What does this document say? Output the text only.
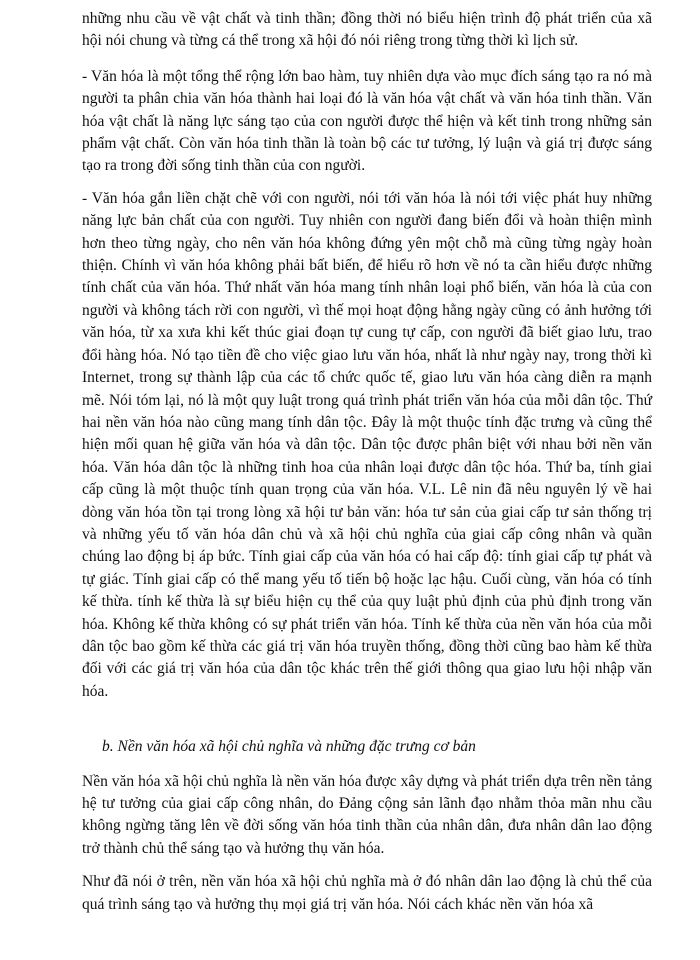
những nhu cầu về vật chất và tinh thần; đồng thời nó biểu hiện trình độ phát triển của xã hội nói chung và từng cá thể trong xã hội đó nói riêng trong từng thời kì lịch sử.

- Văn hóa là một tổng thể rộng lớn bao hàm, tuy nhiên dựa vào mục đích sáng tạo ra nó mà người ta phân chia văn hóa thành hai loại đó là văn hóa vật chất và văn hóa tinh thần. Văn hóa vật chất là năng lực sáng tạo của con người được thể hiện và kết tinh trong những sản phẩm vật chất. Còn văn hóa tinh thần là toàn bộ các tư tưởng, lý luận và giá trị được sáng tạo ra trong đời sống tinh thần của con người.

- Văn hóa gắn liền chặt chẽ với con người, nói tới văn hóa là nói tới việc phát huy những năng lực bản chất của con người. Tuy nhiên con người đang biến đổi và hoàn thiện mình hơn theo từng ngày, cho nên văn hóa không đứng yên một chỗ mà cũng từng ngày hoàn thiện. Chính vì văn hóa không phải bất biến, để hiểu rõ hơn về nó ta cần hiểu được những tính chất của văn hóa. Thứ nhất văn hóa mang tính nhân loại phổ biến, văn hóa là của con người và không tách rời con người, vì thế mọi hoạt động hằng ngày cũng có ảnh hưởng tới văn hóa, từ xa xưa khi kết thúc giai đoạn tự cung tự cấp, con người đã biết giao lưu, trao đổi hàng hóa. Nó tạo tiền đề cho việc giao lưu văn hóa, nhất là như ngày nay, trong thời kì Internet, trong sự thành lập của các tổ chức quốc tế, giao lưu văn hóa càng diễn ra mạnh mẽ. Nói tóm lại, nó là một quy luật trong quá trình phát triển văn hóa của mỗi dân tộc. Thứ hai nền văn hóa nào cũng mang tính dân tộc. Đây là một thuộc tính đặc trưng và cũng thể hiện mối quan hệ giữa văn hóa và dân tộc. Dân tộc được phân biệt với nhau bởi nền văn hóa. Văn hóa dân tộc là những tinh hoa của nhân loại được dân tộc hóa. Thứ ba, tính giai cấp cũng là một thuộc tính quan trọng của văn hóa. V.L. Lê nin đã nêu nguyên lý về hai dòng văn hóa tồn tại trong lòng xã hội tư bản văn: hóa tư sản của giai cấp tư sản thống trị và những yếu tố văn hóa dân chủ và xã hội chủ nghĩa của giai cấp công nhân và quần chúng lao động bị áp bức. Tính giai cấp của văn hóa có hai cấp độ: tính giai cấp tự phát và tự giác. Tính giai cấp có thể mang yếu tố tiến bộ hoặc lạc hậu. Cuối cùng, văn hóa có tính kế thừa. tính kế thừa là sự biểu hiện cụ thể của quy luật phủ định của phủ định trong văn hóa. Không kế thừa không có sự phát triển văn hóa. Tính kế thừa của nền văn hóa của mỗi dân tộc bao gồm kế thừa các giá trị văn hóa truyền thống, đồng thời cũng bao hàm kế thừa đối với các giá trị văn hóa của dân tộc khác trên thế giới thông qua giao lưu hội nhập văn hóa.

b. Nền văn hóa xã hội chủ nghĩa và những đặc trưng cơ bản

Nền văn hóa xã hội chủ nghĩa là nền văn hóa được xây dựng và phát triển dựa trên nền tảng hệ tư tưởng của giai cấp công nhân, do Đảng cộng sản lãnh đạo nhằm thỏa mãn nhu cầu không ngừng tăng lên về đời sống văn hóa tinh thần của nhân dân, đưa nhân dân lao động trở thành chủ thể sáng tạo và hưởng thụ văn hóa.

Như đã nói ở trên, nền văn hóa xã hội chủ nghĩa mà ở đó nhân dân lao động là chủ thể của quá trình sáng tạo và hưởng thụ mọi giá trị văn hóa. Nói cách khác nền văn hóa xã
